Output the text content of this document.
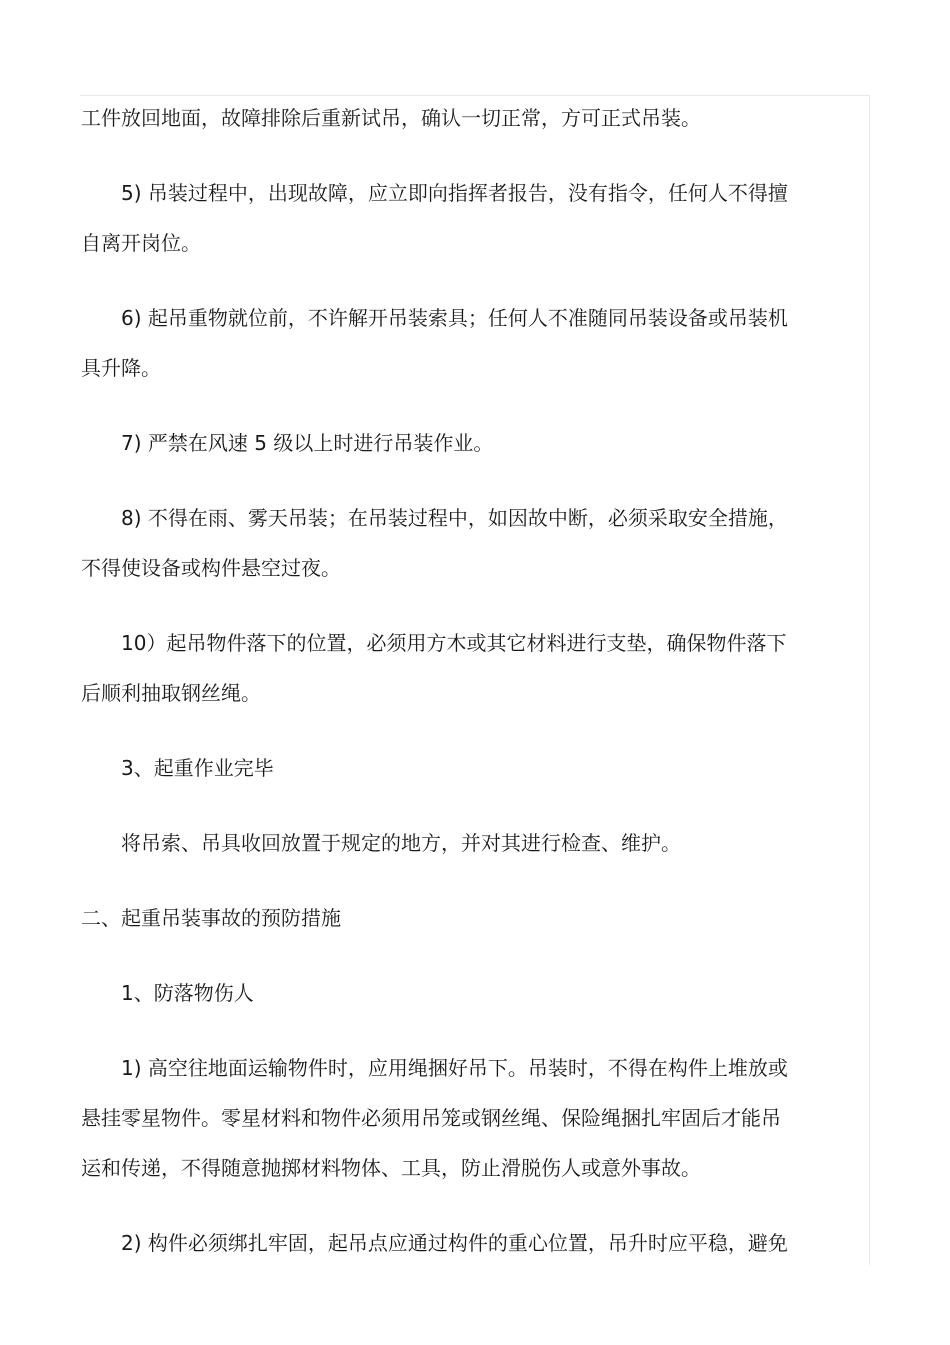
工件放回地面，故障排除后重新试吊，确认一切正常，方可正式吊装。
5) 吊装过程中，出现故障，应立即向指挥者报告，没有指令，任何人不得擅
自离开岗位。
6) 起吊重物就位前，不许解开吊装索具；任何人不准随同吊装设备或吊装机
具升降。
7) 严禁在风速 5 级以上时进行吊装作业。
8) 不得在雨、雾天吊装；在吊装过程中，如因故中断，必须采取安全措施，
不得使设备或构件悬空过夜。
10）起吊物件落下的位置，必须用方木或其它材料进行支垫，确保物件落下
后顺利抽取钢丝绳。
3、起重作业完毕
将吊索、吊具收回放置于规定的地方，并对其进行检查、维护。
二、起重吊装事故的预防措施
1、防落物伤人
1) 高空往地面运输物件时，应用绳捆好吊下。吊装时，不得在构件上堆放或
悬挂零星物件。零星材料和物件必须用吊笼或钢丝绳、保险绳捆扎牢固后才能吊
运和传递，不得随意抛掷材料物体、工具，防止滑脱伤人或意外事故。
2) 构件必须绑扎牢固，起吊点应通过构件的重心位置，吊升时应平稳，避免
